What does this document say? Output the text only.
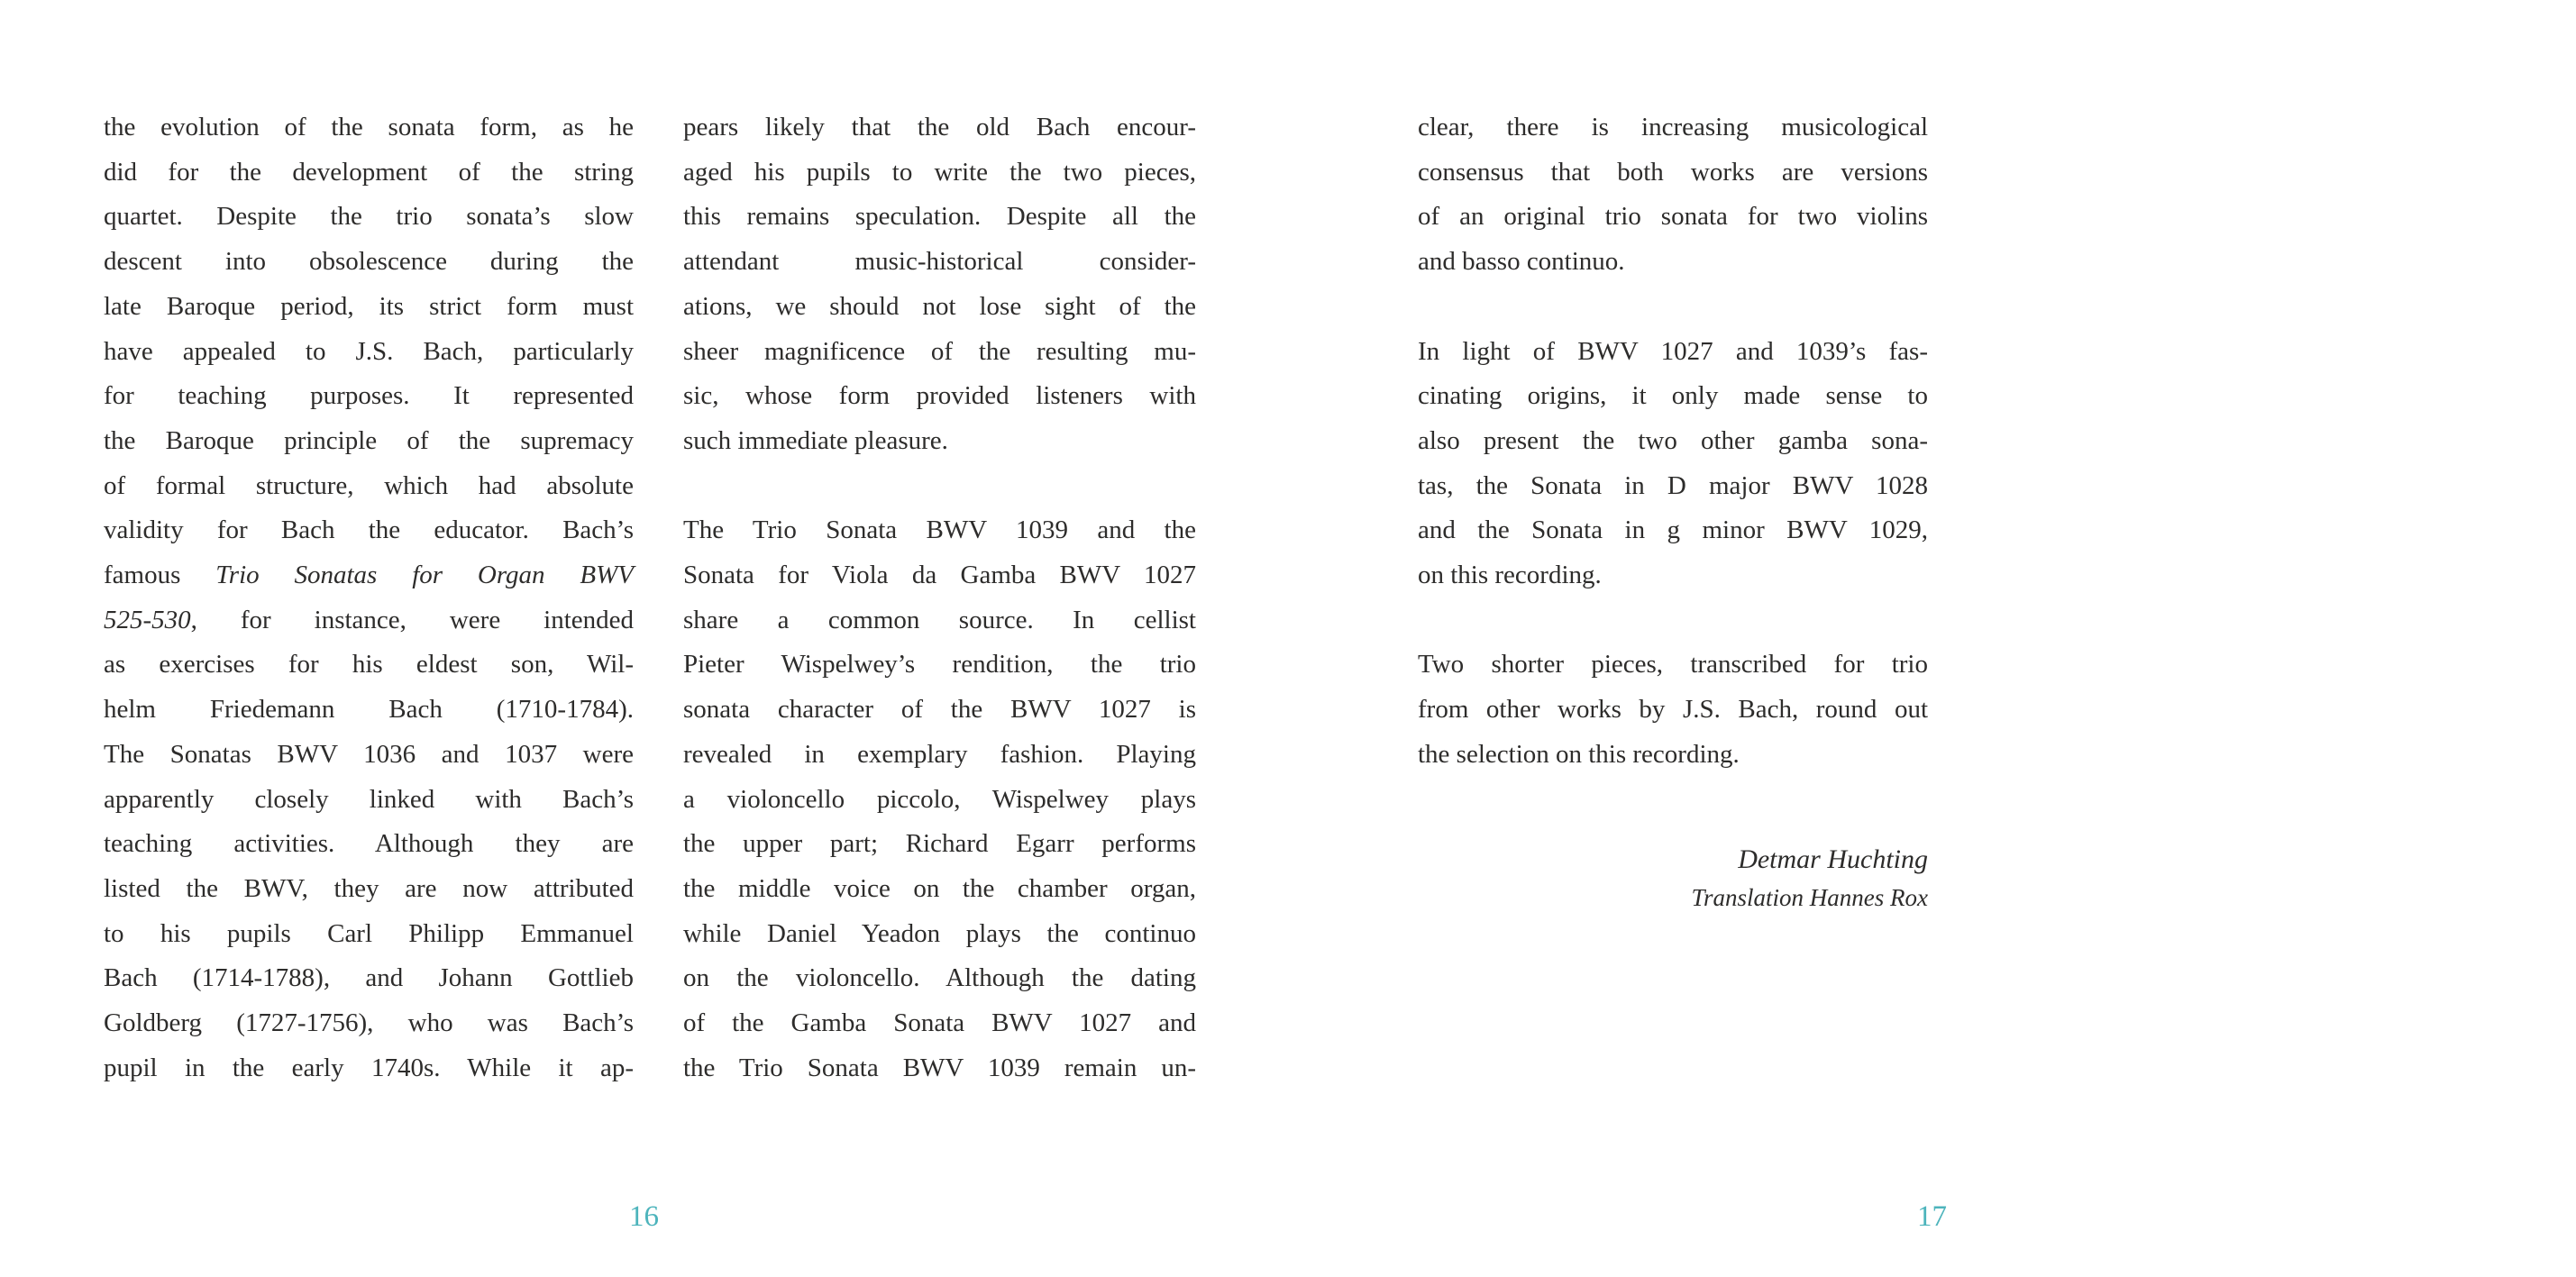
the evolution of the sonata form, as he
did for the development of the string
quartet. Despite the trio sonata’s slow
descent into obsolescence during the
late Baroque period, its strict form must
have appealed to J.S. Bach, particularly
for teaching purposes. It represented
the Baroque principle of the supremacy
of formal structure, which had absolute
validity for Bach the educator. Bach’s
famous Trio Sonatas for Organ BWV
525-530, for instance, were intended
as exercises for his eldest son, Wil-
helm Friedemann Bach (1710-1784).
The Sonatas BWV 1036 and 1037 were
apparently closely linked with Bach’s
teaching activities. Although they are
listed the BWV, they are now attributed
to his pupils Carl Philipp Emmanuel
Bach (1714-1788), and Johann Gottlieb
Goldberg (1727-1756), who was Bach’s
pupil in the early 1740s. While it ap-
pears likely that the old Bach encour-
aged his pupils to write the two pieces,
this remains speculation. Despite all the
attendant music-historical consider-
ations, we should not lose sight of the
sheer magnificence of the resulting mu-
sic, whose form provided listeners with
such immediate pleasure.
The Trio Sonata BWV 1039 and the
Sonata for Viola da Gamba BWV 1027
share a common source. In cellist
Pieter Wispelwey’s rendition, the trio
sonata character of the BWV 1027 is
revealed in exemplary fashion. Playing
a violoncello piccolo, Wispelwey plays
the upper part; Richard Egarr performs
the middle voice on the chamber organ,
while Daniel Yeadon plays the continuo
on the violoncello. Although the dating
of the Gamba Sonata BWV 1027 and
the Trio Sonata BWV 1039 remain un-
16
clear, there is increasing musicological
consensus that both works are versions
of an original trio sonata for two violins
and basso continuo.
In light of BWV 1027 and 1039’s fas-
cinating origins, it only made sense to
also present the two other gamba sona-
tas, the Sonata in D major BWV 1028
and the Sonata in g minor BWV 1029,
on this recording.
Two shorter pieces, transcribed for trio
from other works by J.S. Bach, round out
the selection on this recording.
Detmar Huchting
Translation Hannes Rox
17
